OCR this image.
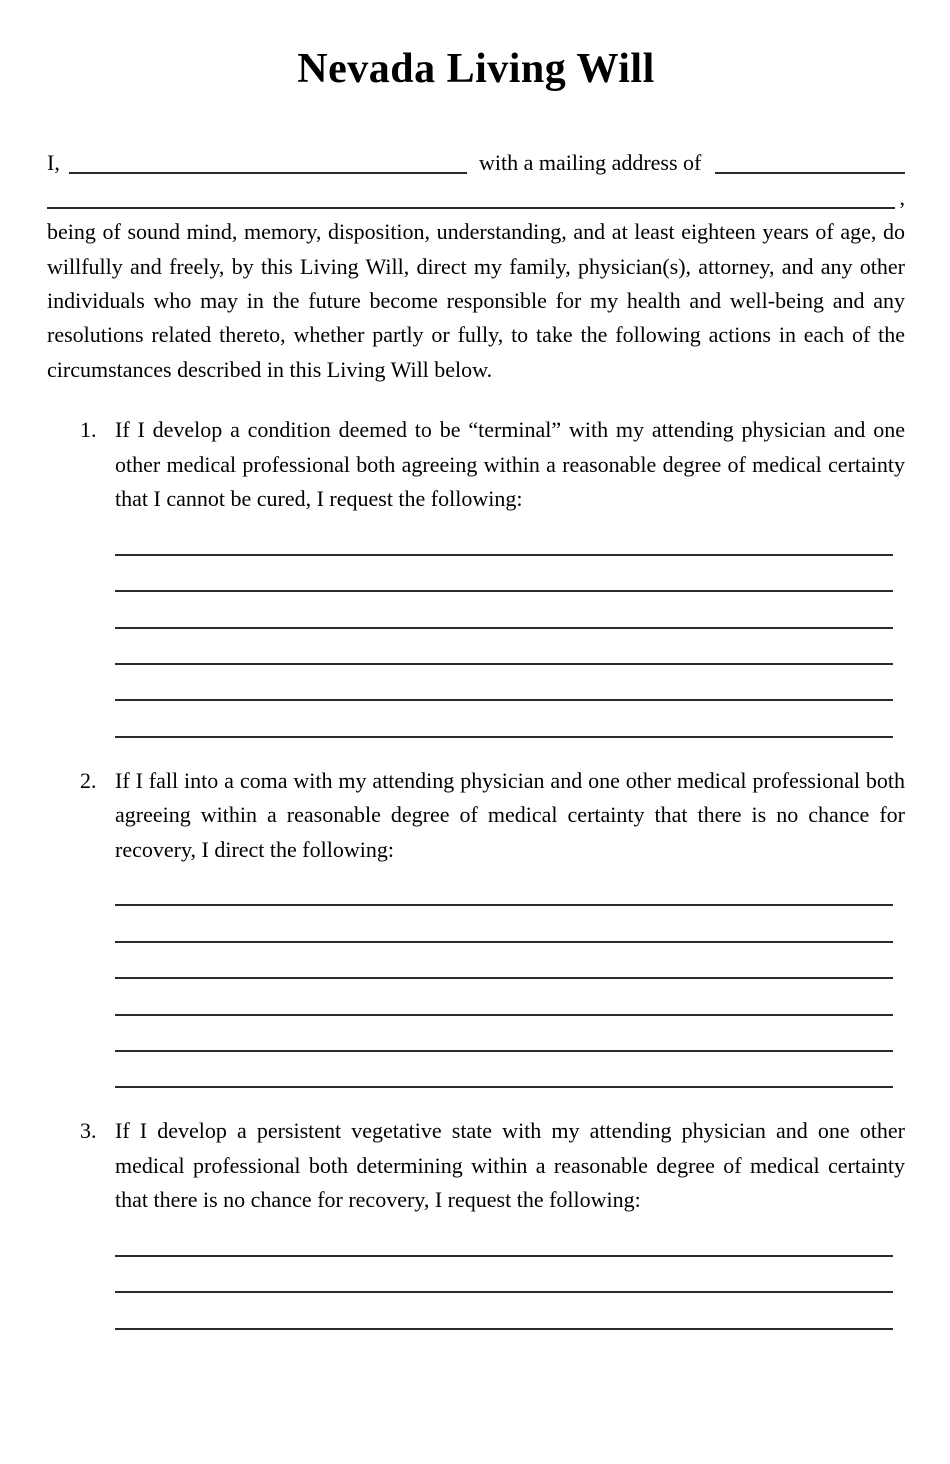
Nevada Living Will
I,	with a mailing address of
,

being of sound mind, memory, disposition, understanding, and at least eighteen years of age, do willfully and freely, by this Living Will, direct my family, physician(s), attorney, and any other individuals who may in the future become responsible for my health and well-being and any resolutions related thereto, whether partly or fully, to take the following actions in each of the circumstances described in this Living Will below.

1. If I develop a condition deemed to be “terminal” with my attending physician and one other medical professional both agreeing within a reasonable degree of medical certainty that I cannot be cured, I request the following:

2. If I fall into a coma with my attending physician and one other medical professional both agreeing within a reasonable degree of medical certainty that there is no chance for recovery, I direct the following:

3. If I develop a persistent vegetative state with my attending physician and one other medical professional both determining within a reasonable degree of medical certainty that there is no chance for recovery, I request the following:
